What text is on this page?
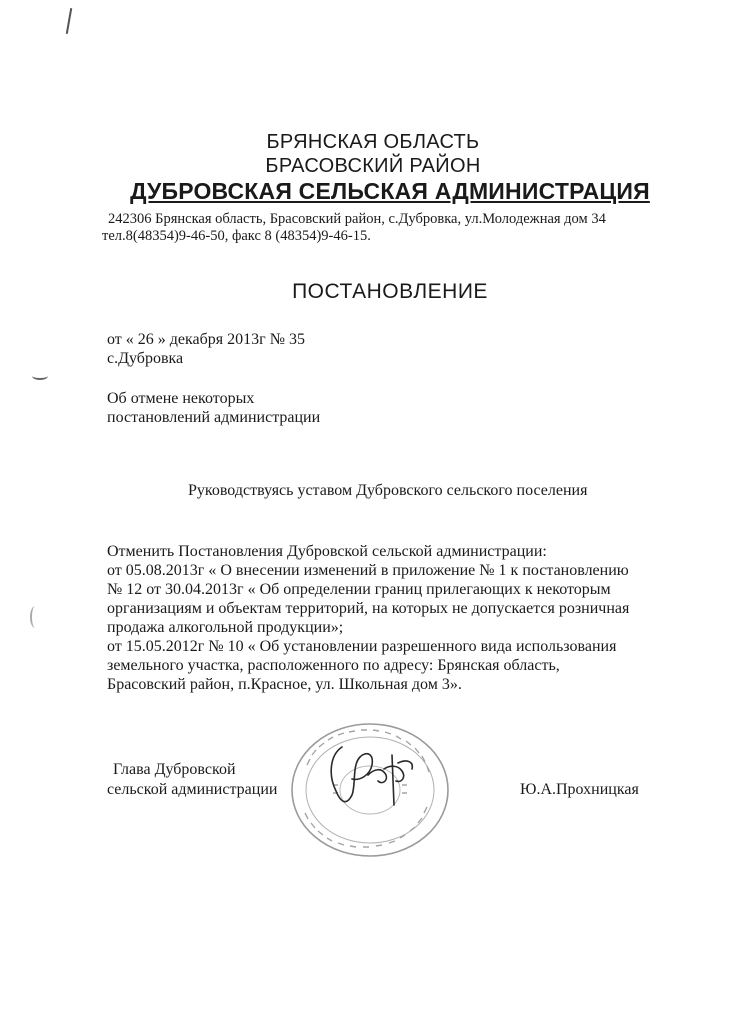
БРЯНСКАЯ ОБЛАСТЬ
БРАСОВСКИЙ РАЙОН
ДУБРОВСКАЯ СЕЛЬСКАЯ АДМИНИСТРАЦИЯ
242306 Брянская область, Брасовский район, с.Дубровка, ул.Молодежная дом 34
тел.8(48354)9-46-50, факс 8 (48354)9-46-15.
ПОСТАНОВЛЕНИЕ
от « 26 » декабря 2013г № 35
с.Дубровка
Об отмене некоторых
постановлений администрации
Руководствуясь уставом Дубровского сельского поселения
Отменить Постановления Дубровской сельской администрации:
от 05.08.2013г « О внесении изменений в приложение № 1 к постановлению
№ 12 от 30.04.2013г « Об определении границ прилегающих к некоторым
организациям и объектам территорий, на которых не допускается розничная
продажа алкогольной продукции»;
от 15.05.2012г № 10 « Об установлении разрешенного вида использования
земельного участка, расположенного по адресу: Брянская область,
Брасовский район, п.Красное, ул. Школьная дом 3».
Глава Дубровской
сельской администрации	Ю.А.Прохницкая
